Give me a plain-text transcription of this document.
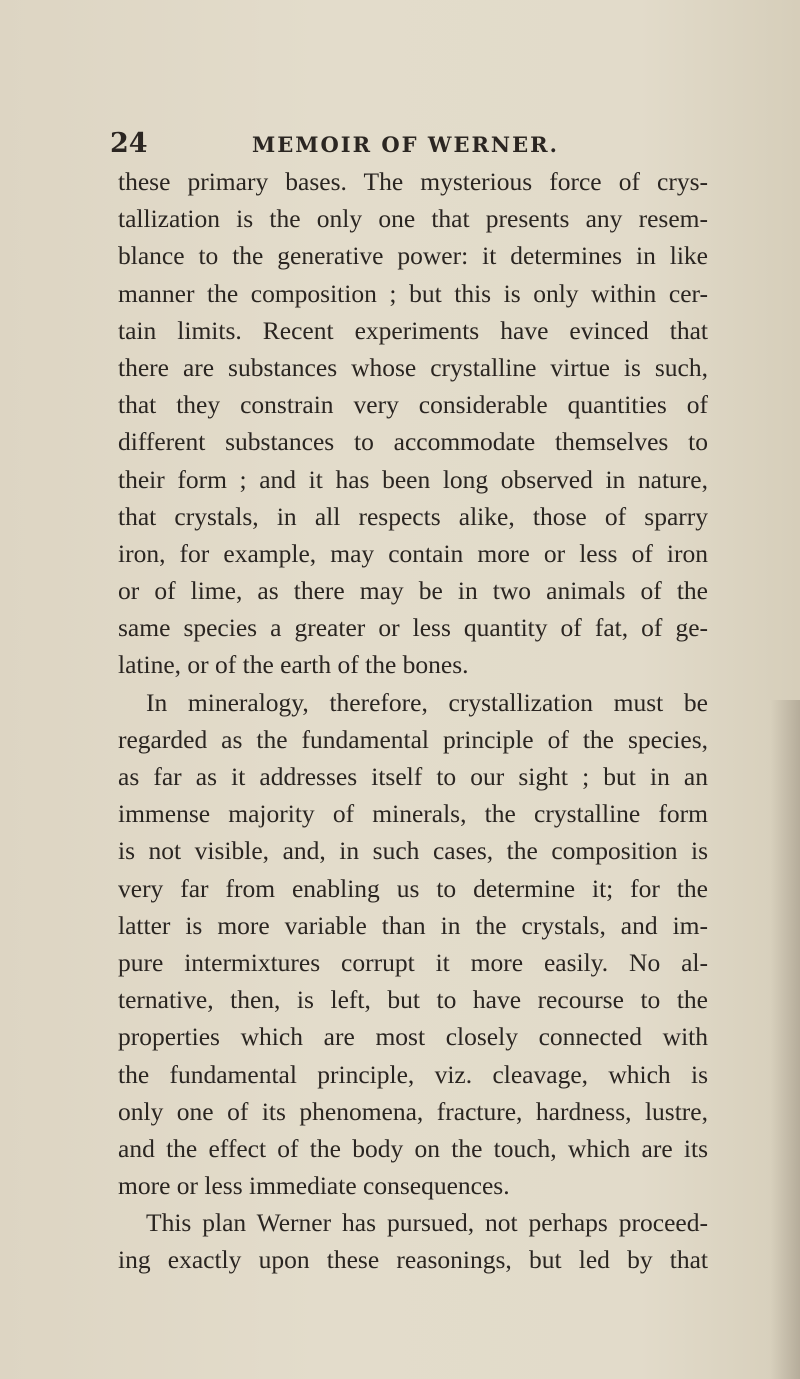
24	MEMOIR OF WERNER.
these primary bases. The mysterious force of crys-
tallization is the only one that presents any resem-
blance to the generative power: it determines in like
manner the composition ; but this is only within cer-
tain limits. Recent experiments have evinced that
there are substances whose crystalline virtue is such,
that they constrain very considerable quantities of
different substances to accommodate themselves to
their form ; and it has been long observed in nature,
that crystals, in all respects alike, those of sparry
iron, for example, may contain more or less of iron
or of lime, as there may be in two animals of the
same species a greater or less quantity of fat, of ge-
latine, or of the earth of the bones.
In mineralogy, therefore, crystallization must be
regarded as the fundamental principle of the species,
as far as it addresses itself to our sight ; but in an
immense majority of minerals, the crystalline form
is not visible, and, in such cases, the composition is
very far from enabling us to determine it; for the
latter is more variable than in the crystals, and im-
pure intermixtures corrupt it more easily. No al-
ternative, then, is left, but to have recourse to the
properties which are most closely connected with
the fundamental principle, viz. cleavage, which is
only one of its phenomena, fracture, hardness, lustre,
and the effect of the body on the touch, which are its
more or less immediate consequences.
This plan Werner has pursued, not perhaps proceed-
ing exactly upon these reasonings, but led by that
